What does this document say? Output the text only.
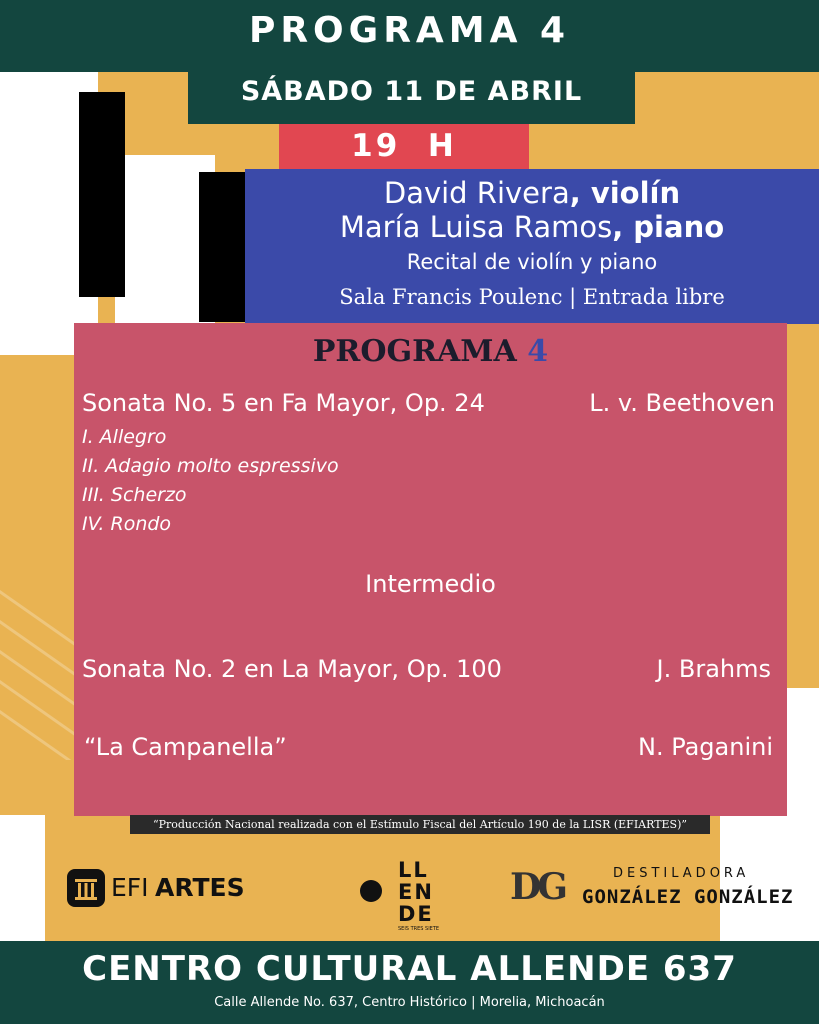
PROGRAMA 4
SÁBADO 11 DE ABRIL
19  H
David Rivera, violín
María Luisa Ramos, piano
Recital de violín y piano
Sala Francis Poulenc | Entrada libre
PROGRAMA 4
Sonata No. 5 en Fa Mayor, Op. 24	L. v. Beethoven
I. Allegro
II. Adagio molto espressivo
III. Scherzo
IV. Rondo
Intermedio
Sonata No. 2 en La Mayor, Op. 100	J. Brahms
“La Campanella”	N. Paganini
“Producción Nacional realizada con el Estímulo Fiscal del Artículo 190 de la LISR (EFIARTES)”
EFI ARTES
LL
EN
DE
SEIS TRES SIETE
DG	DESTILADORA
GONZÁLEZ GONZÁLEZ
CENTRO CULTURAL ALLENDE 637
Calle Allende No. 637, Centro Histórico | Morelia, Michoacán
